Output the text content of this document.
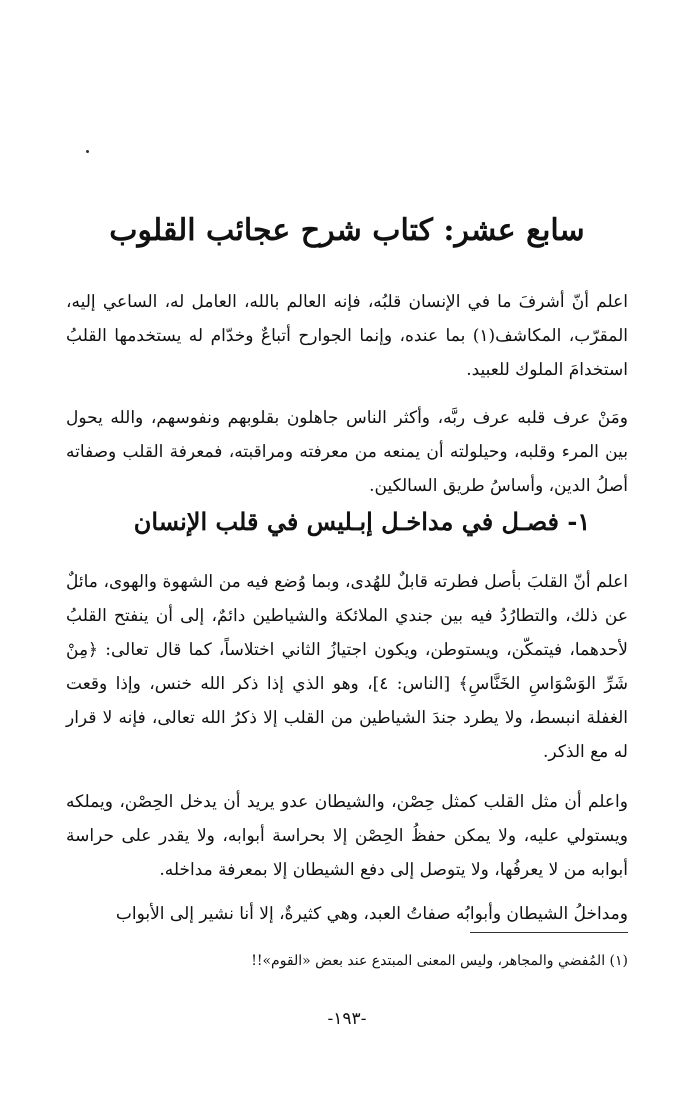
سابع عشر: كتاب شرح عجائب القلوب

اعلم أنّ أشرفَ ما في الإنسان قلبُه، فإنه العالم بالله، العامل له، الساعي إليه، المقرّب، المكاشف(١) بما عنده، وإنما الجوارح أتباعٌ وخدّام له يستخدمها القلبُ استخدامَ الملوك للعبيد.

ومَنْ عرف قلبه عرف ربَّه، وأكثر الناس جاهلون بقلوبهم ونفوسهم، والله يحول بين المرء وقلبه، وحيلولته أن يمنعه من معرفته ومراقبته، فمعرفة القلب وصفاته أصلُ الدين، وأساسُ طريق السالكين.

١- فصـل في مداخـل إبـليس في قلب الإنسان

اعلم أنّ القلبَ بأصل فطرته قابلٌ للهُدى، وبما وُضع فيه من الشهوة والهوى، مائلٌ عن ذلك، والتطارُدُ فيه بين جندي الملائكة والشياطين دائمٌ، إلى أن ينفتح القلبُ لأحدهما، فيتمكّن، ويستوطن، ويكون اجتيازُ الثاني اختلاساً، كما قال تعالى: ﴿مِنْ شَرِّ الوَسْوَاسِ الخَنَّاسِ﴾ [الناس: ٤]، وهو الذي إذا ذكر الله خنس، وإذا وقعت الغفلة انبسط، ولا يطرد جندَ الشياطين من القلب إلا ذكرُ الله تعالى، فإنه لا قرار له مع الذكر.

واعلم أن مثل القلب كمثل حِصْن، والشيطان عدو يريد أن يدخل الحِصْن، ويملكه ويستولي عليه، ولا يمكن حفظُ الحِصْن إلا بحراسة أبوابه، ولا يقدر على حراسة أبوابه من لا يعرفُها، ولا يتوصل إلى دفع الشيطان إلا بمعرفة مداخله.

ومداخلُ الشيطان وأبوابُه صفاتُ العبد، وهي كثيرةٌ، إلا أنا نشير إلى الأبواب

(١) المُفضي والمجاهر، وليس المعنى المبتدع عند بعض «القوم»!!
-١٩٣-
